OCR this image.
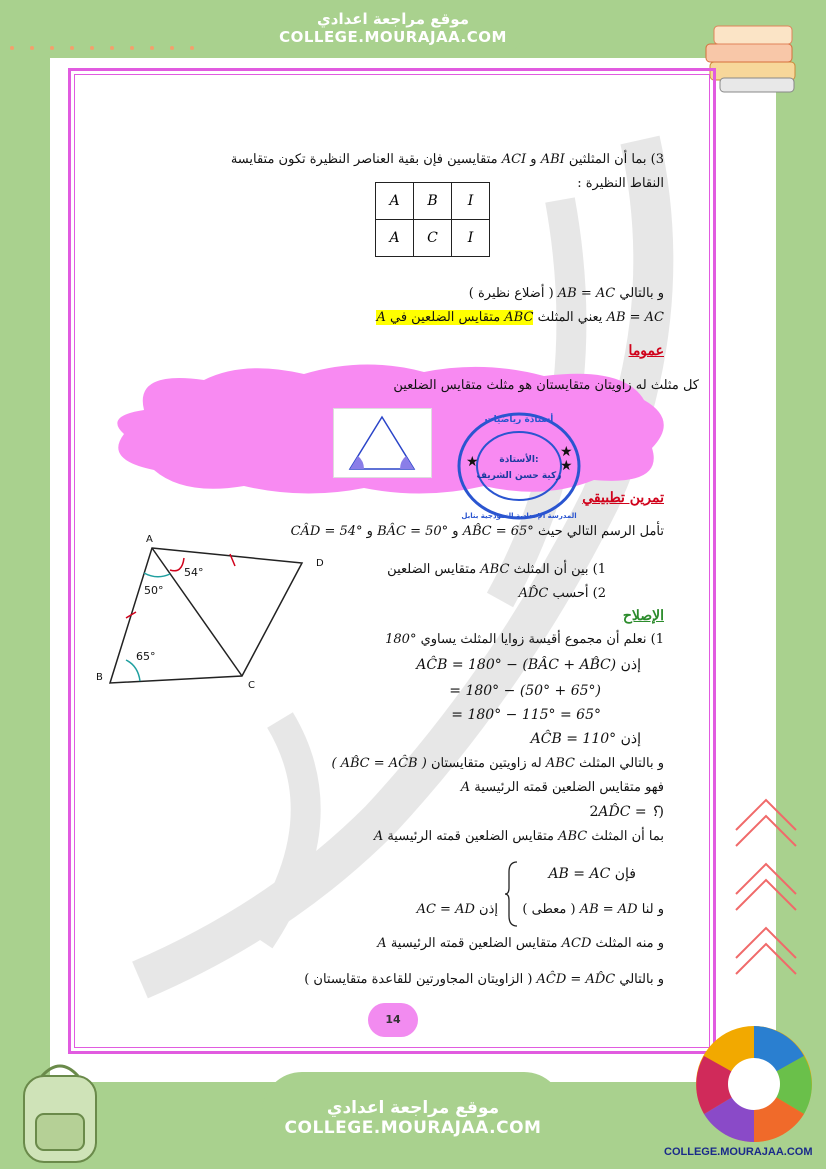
موقع مراجعة اعدادي
COLLEGE.MOURAJAA.COM
3) بما أن المثلثين ABI و ACI متقايسين فإن بقية العناصر النظيرة تكون متقايسة
النقاط النظيرة :
A	B	I
A	C	I
و بالتالي AB = AC ( أضلاع نظيرة )
AB = AC يعني المثلث ABC متقايس الضلعين في A
عموما
كل مثلث له زاويتان متقايستان هو مثلث متقايس الضلعين
أستاذة رياضيات
المدرسة الإعدادية النموذجية بنابل
الأستاذة:
زكية حسن الشريف
★
★
★
تمرين تطبيقي
تأمل الرسم التالي حيث AB̂C = 65° و BÂC = 50° و CÂD = 54°
1) بين أن المثلث ABC متقايس الضلعين
2) أحسب AD̂C
A
D
B
C
54°
50°
65°
الإصلاح
1) نعلم أن مجموع أقيسة زوايا المثلث يساوي 180°
إذن AĈB = 180° − (BÂC + AB̂C)
= 180° − (50° + 65°)
= 180° − 115° = 65°
إذن AĈB = 110°
و بالتالي المثلث ABC له زاويتين متقايستان ( AB̂C = AĈB )
فهو متقايس الضلعين قمته الرئيسية A
(2AD̂C = ؟
بما أن المثلث ABC متقايس الضلعين قمته الرئيسية A
فإن AB = AC
و لنا AB = AD ( معطى )
إذن AC = AD
و منه المثلث ACD متقايس الضلعين قمته الرئيسية A
و بالتالي AĈD = AD̂C ( الزاويتان المجاورتين للقاعدة متقايستان )
14
موقع مراجعة اعدادي
COLLEGE.MOURAJAA.COM
COLLEGE.MOURAJAA.COM
